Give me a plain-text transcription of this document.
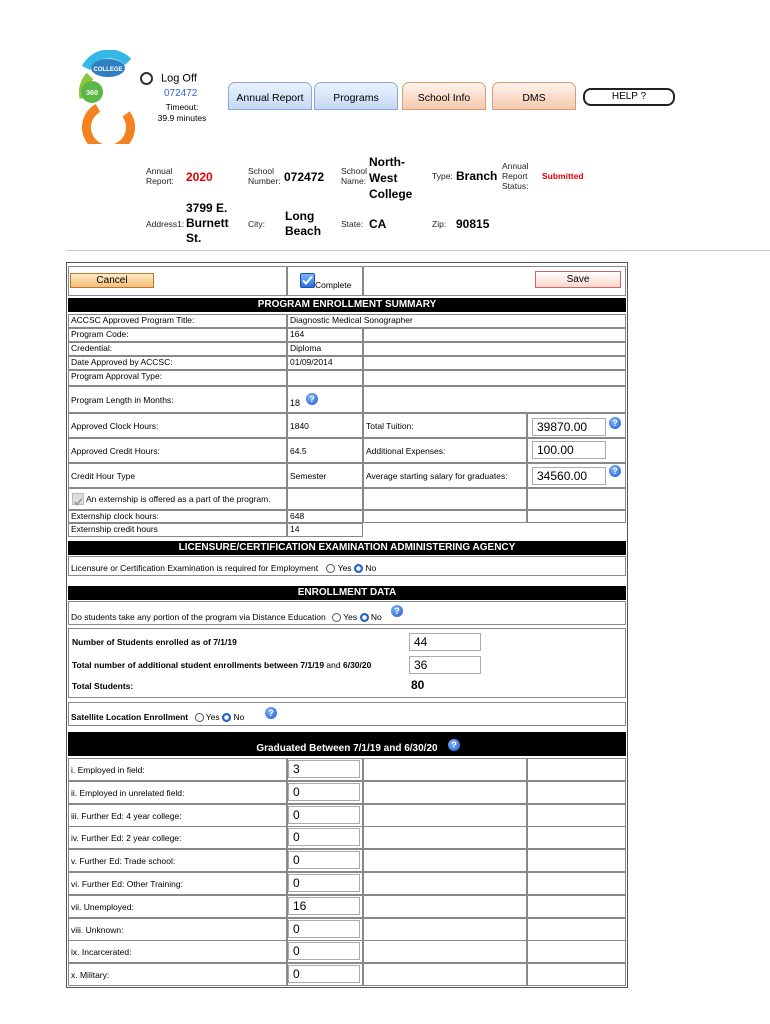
COLLEGE
360
Log Off
072472
Timeout:
39.9 minutes
Annual Report	Programs	School Info	DMS	HELP ?
Annual
Report: 2020	School
Number: 072472 School
Name:
North-
West
College
Type: Branch
Annual
Report
Status:
Submitted
Address1:
3799 E.
Burnett
St.
City:
Long
Beach State: CA	Zip: 90815
Cancel	Complete	Save
PROGRAM ENROLLMENT SUMMARY
ACCSC Approved Program Title:	Diagnostic Medical Sonographer
Program Code:	164
Credential:	Diploma
Date Approved by ACCSC:	01/09/2014
Program Approval Type:
Program Length in Months:	18	?
Approved Clock Hours:	1840	Total Tuition:	39870.00	?
Approved Credit Hours:	64.5	Additional Expenses:	100.00
Credit Hour Type	Semester	Average starting salary for graduates:	34560.00	?
An externship is offered as a part of the program.
Externship clock hours:	648
Externship credit hours	14
LICENSURE/CERTIFICATION EXAMINATION ADMINISTERING AGENCY
Licensure or Certification Examination is required for Employment Yes No
ENROLLMENT DATA
Do students take any portion of the program via Distance Education Yes No
?
Number of Students enrolled as of 7/1/19	44
Total number of additional student enrollments between 7/1/19 and 6/30/20	36
Total Students:	80
Satellite Location Enrollment Yes No	?
Graduated Between 7/1/19 and 6/30/20	?
i. Employed in field:	3
ii. Employed in unrelated field:	0
iii. Further Ed: 4 year college:	0
iv. Further Ed: 2 year college:	0
v. Further Ed: Trade school:	0
vi. Further Ed: Other Training:	0
vii. Unemployed:	16
viii. Unknown:	0
ix. Incarcerated:	0
x. Military:	0
